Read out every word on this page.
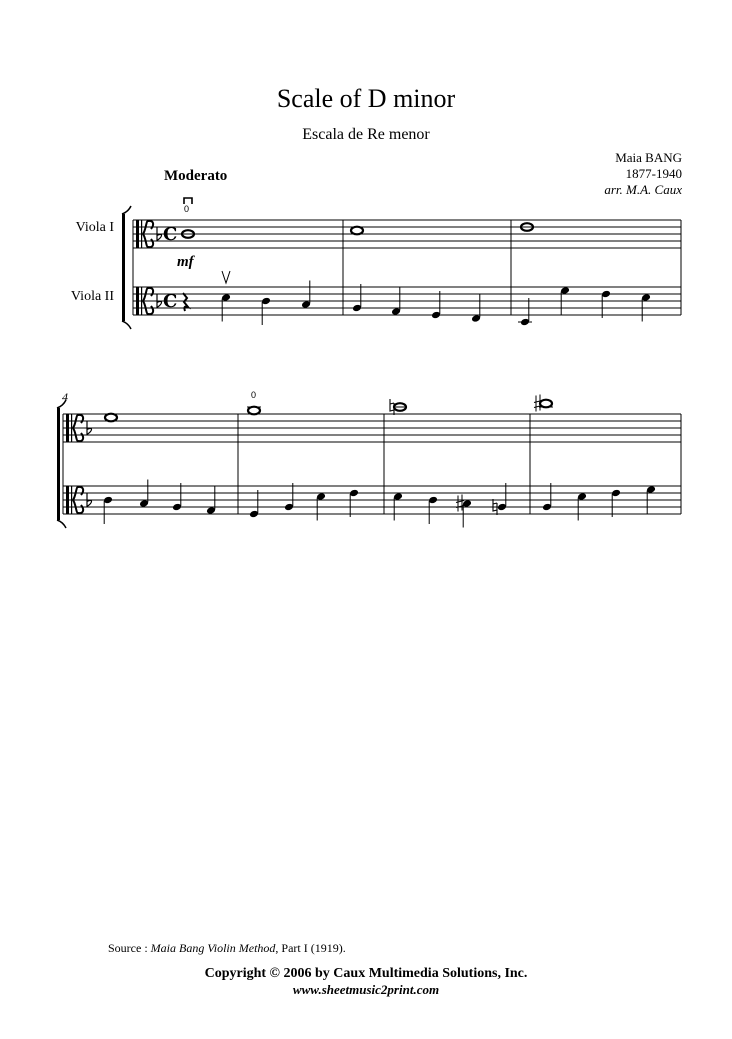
Scale of D minor
Escala de Re menor
Maia BANG
1877-1940
arr. M.A. Caux
Moderato
Viola I
Viola II
C
C
0
0
mf
4
Source : Maia Bang Violin Method, Part I (1919).
Copyright © 2006 by Caux Multimedia Solutions, Inc.
www.sheetmusic2print.com
